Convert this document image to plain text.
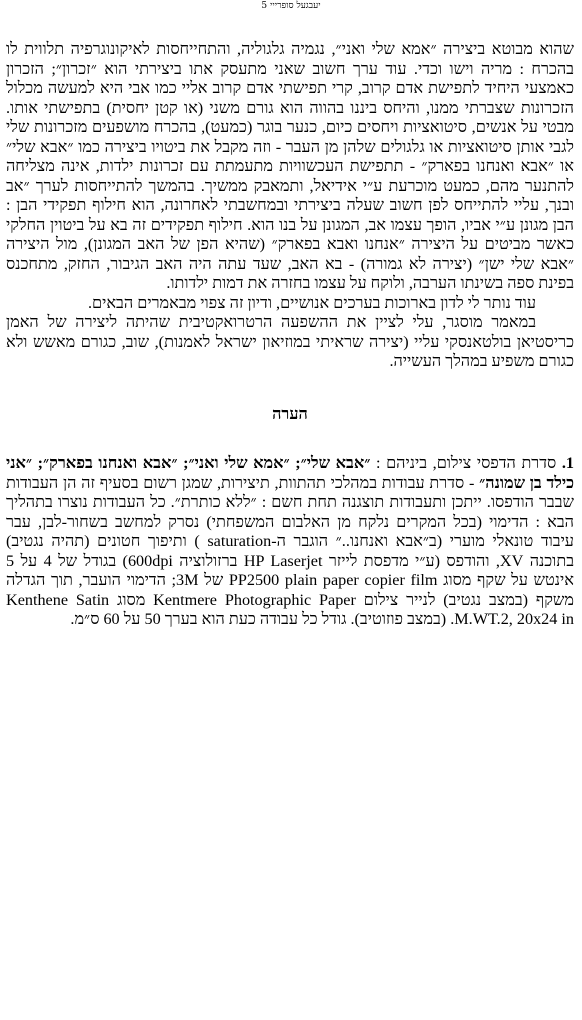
יעבגעל סופרייי 5

שהוא מבוטא ביצירה ״אמא שלי ואני״, נגמיה גלגוליה, והתחייחסות לאיקונוגרפיה תלווית לו בהכרח : מריה וישו וכדי. עוד ערך חשוב שאני מתעסק אתו ביצירתי הוא ״זכרון״; הזכרון כאמצעי היחיד לתפישת אדם קרוב, קרי תפישתי אדם קרוב אליי כמו אבי היא למעשה מכלול הזכרונות שצברתי ממנו, והיחס ביננו בהווה הוא גורם משני (או קטן יחסית) בתפישתי אותו. מבטי על אנשים, סיטואציות ויחסים כיום, כנער בוגר (כמעט), בהכרח מושפעים מזכרונות שלי לגבי אותן סיטואציות או גלגולים שלהן מן העבר - וזה מקבל את ביטויו ביצירה כמו ״אבא שלי״ או ״אבא ואנחנו בפארק״ - תתפישת העכשוויות מתעמתת עם זכרונות ילדות, אינה מצליחה להתנער מהם, כמעט מוכרעת ע״י אידיאל, ותמאבק ממשיך. בהמשך להתייחסות לערך ״אב ובנך, עליי להתייחס לפן חשוב שעלה ביצירתי ובמחשבתי לאחרונה, הוא חילוף תפקידי הבן : הבן מגונן ע״י אביו, הופך עצמו אב, המגונן על בנו הוא. חילוף תפקידים זה בא על ביטוין החלקי כאשר מביטים על היצירה ״אנחנו ואבא בפארק״ (שהיא הפן של האב המגונן), מול היצירה ״אבא שלי ישן״ (יצירה לא גמורה) - בא האב, שעד עתה היה האב הגיבור, החזק, מתחכנס בפינת ספה בשינתו הערבה, ולוקח על עצמו בחזרה את דמות ילדותו.

עוד נותר לי לדון בארוכות בערכים אנושיים, ודיון זה צפוי מבאמרים הבאים.

במאמר מוסגר, עלי לציין את ההשפעה הרטרואקטיבית שהיתה ליצירה של האמן כריסטיאן בולטאנסקי עליי (יצירה שראיתי במוזיאון ישראל לאמנות), שוב, כגורם מאשש ולא כגורם משפיע במהלך העשייה.

הערה

1. סדרת הדפסי צילום, ביניהם : ״אבא שלי״; ״אמא שלי ואני״; ״אבא ואנחנו בפארק״; ״אני כילד בן שמונה״ - סדרת עבודות במהלכי תהתוות, תיצירות, שמגן רשום בסעיף זה הן העבודות שבבר הודפסו. ייתכן ותעבודות תוצגנה תחת חשם : ״ללא כותרת״. כל העבודות נוצרו בתהליך הבא : הדימוי (בכל המקרים נלקח מן האלבום המשפחתי) נסרק למחשב בשחור-לבן, עבר עיבוד טונאלי מוערי (ב״אבא ואנחנו..״ הוגבר ה-saturation ) ותיפוך חטונים (תהיה נגטיב) בתוכנה XV, והודפס (ע״י מדפסת לייזר HP Laserjet ברזולוציה 600dpi) בגודל של 4 על 5 אינטש על שקף מסוג PP2500 plain paper copier film של 3M; הדימוי הועבר, תוך הגדלה משקף (במצב נגטיב) לנייר צילום Kentmere Photographic Paper מסוג Kenthene Satin M.WT.2, 20x24 in. (במצב פוזוטיב). גודל כל עבודה כעת הוא בערך 50 על 60 ס״מ.
